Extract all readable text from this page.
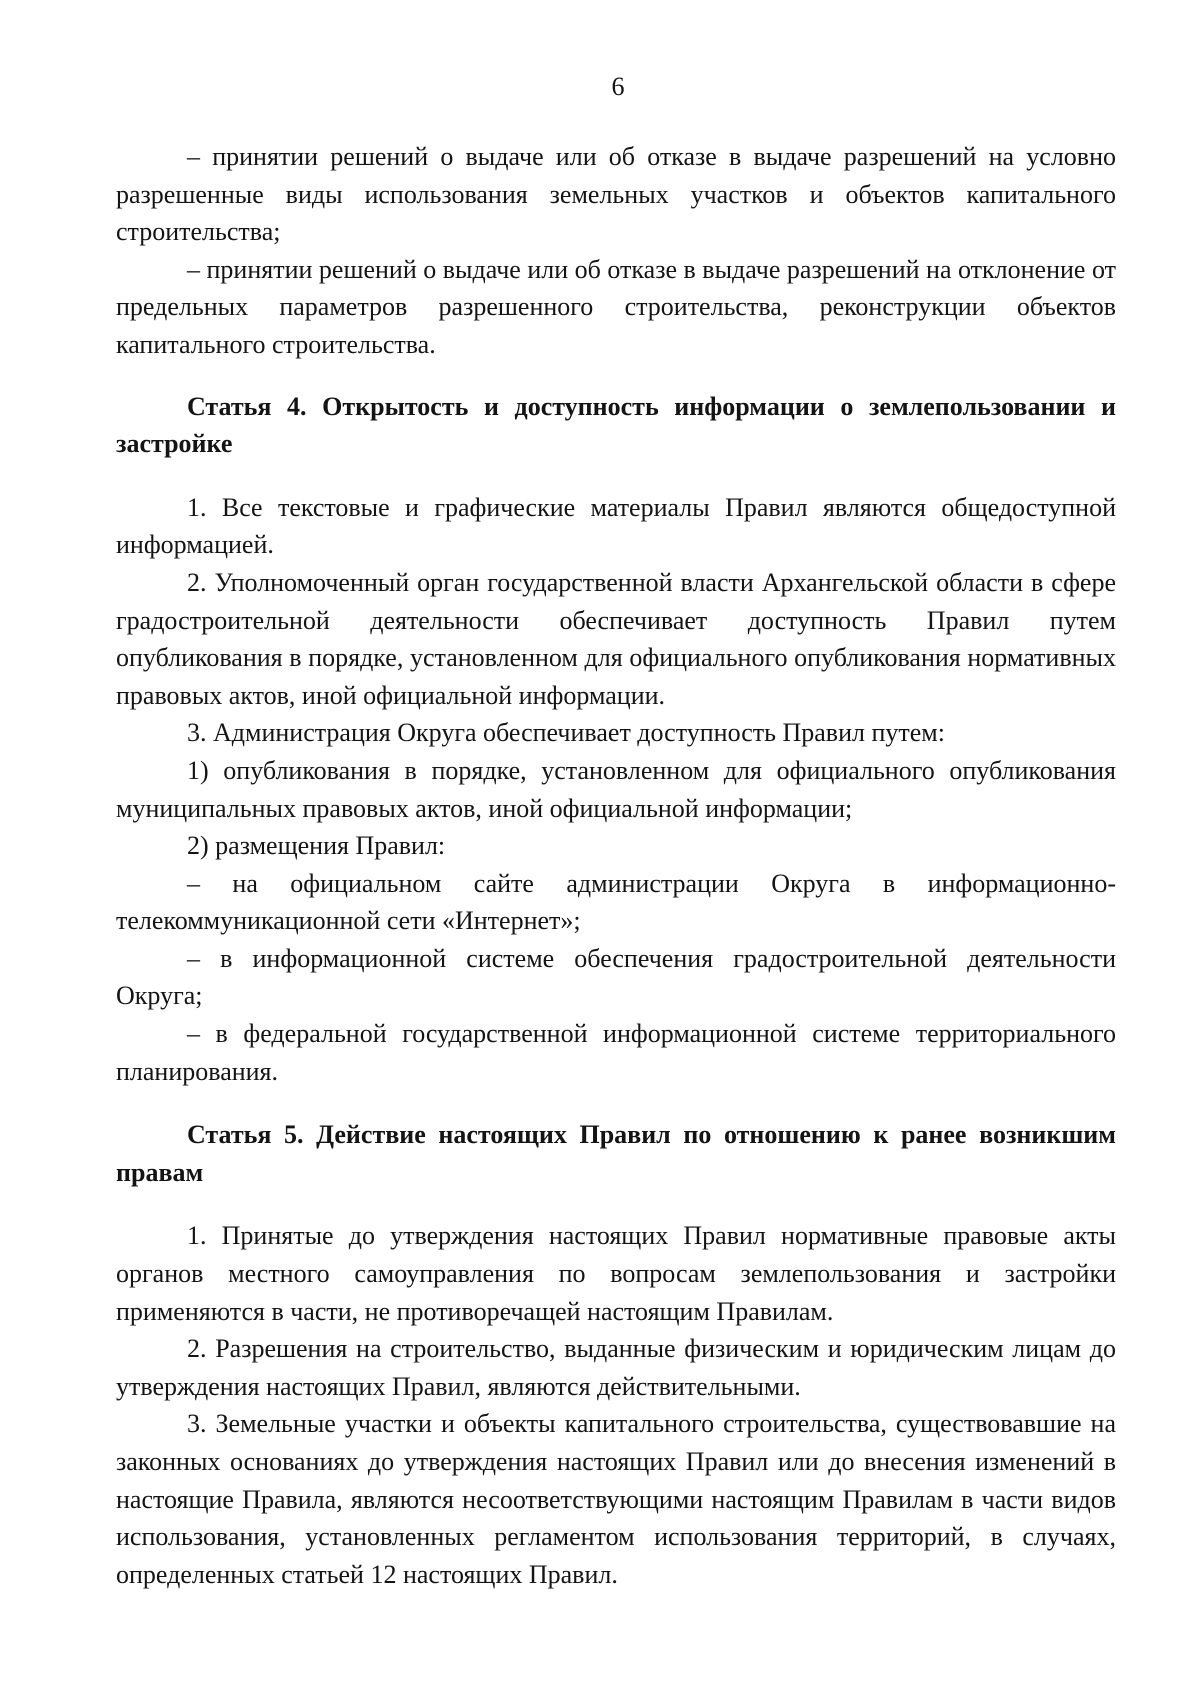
6

– принятии решений о выдаче или об отказе в выдаче разрешений на условно разрешенные виды использования земельных участков и объектов капитального строительства;

– принятии решений о выдаче или об отказе в выдаче разрешений на отклонение от предельных параметров разрешенного строительства, реконструкции объектов капитального строительства.

Статья 4. Открытость и доступность информации о землепользовании и застройке

1. Все текстовые и графические материалы Правил являются общедоступной информацией.

2. Уполномоченный орган государственной власти Архангельской области в сфере градостроительной деятельности обеспечивает доступность Правил путем опубликования в порядке, установленном для официального опубликования нормативных правовых актов, иной официальной информации.

3. Администрация Округа обеспечивает доступность Правил путем:

1) опубликования в порядке, установленном для официального опубликования муниципальных правовых актов, иной официальной информации;

2) размещения Правил:

– на официальном сайте администрации Округа в информационно-телекоммуникационной сети «Интернет»;

– в информационной системе обеспечения градостроительной деятельности Округа;

– в федеральной государственной информационной системе территориального планирования.

Статья 5. Действие настоящих Правил по отношению к ранее возникшим правам

1. Принятые до утверждения настоящих Правил нормативные правовые акты органов местного самоуправления по вопросам землепользования и застройки применяются в части, не противоречащей настоящим Правилам.

2. Разрешения на строительство, выданные физическим и юридическим лицам до утверждения настоящих Правил, являются действительными.

3. Земельные участки и объекты капитального строительства, существовавшие на законных основаниях до утверждения настоящих Правил или до внесения изменений в настоящие Правила, являются несоответствующими настоящим Правилам в части видов использования, установленных регламентом использования территорий, в случаях, определенных статьей 12 настоящих Правил.
